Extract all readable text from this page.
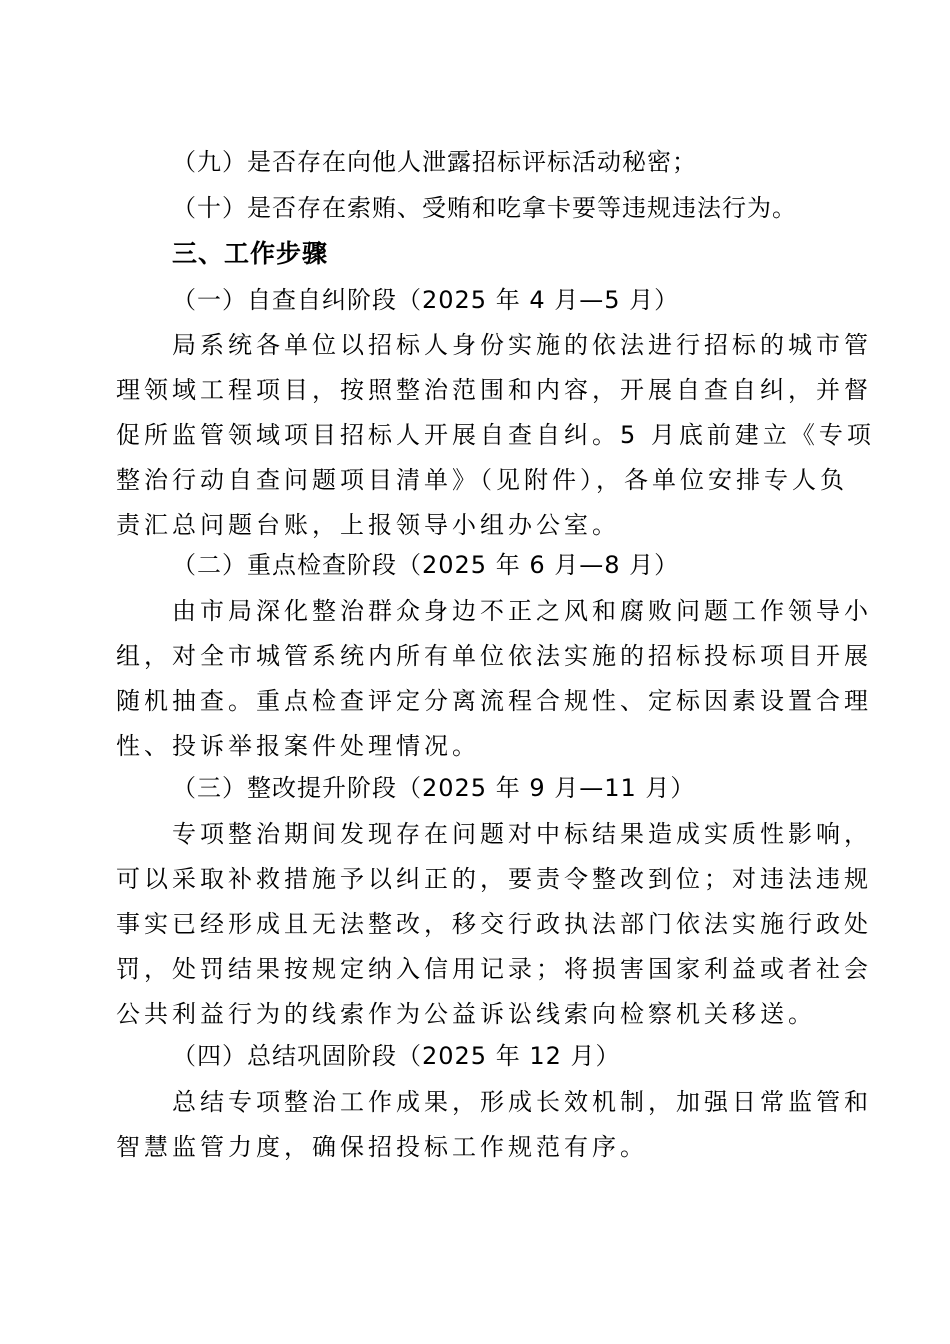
（九）是否存在向他人泄露招标评标活动秘密；
（十）是否存在索贿、受贿和吃拿卡要等违规违法行为。
三、工作步骤
（一）自查自纠阶段（2025 年 4 月—5 月）
局系统各单位以招标人身份实施的依法进行招标的城市管
理领域工程项目，按照整治范围和内容，开展自查自纠，并督
促所监管领域项目招标人开展自查自纠。5 月底前建立《专项
整治行动自查问题项目清单》（见附件），各单位安排专人负
责汇总问题台账，上报领导小组办公室。
（二）重点检查阶段（2025 年 6 月—8 月）
由市局深化整治群众身边不正之风和腐败问题工作领导小
组，对全市城管系统内所有单位依法实施的招标投标项目开展
随机抽查。重点检查评定分离流程合规性、定标因素设置合理
性、投诉举报案件处理情况。
（三）整改提升阶段（2025 年 9 月—11 月）
专项整治期间发现存在问题对中标结果造成实质性影响，
可以采取补救措施予以纠正的，要责令整改到位；对违法违规
事实已经形成且无法整改，移交行政执法部门依法实施行政处
罚，处罚结果按规定纳入信用记录；将损害国家利益或者社会
公共利益行为的线索作为公益诉讼线索向检察机关移送。
（四）总结巩固阶段（2025 年 12 月）
总结专项整治工作成果，形成长效机制，加强日常监管和
智慧监管力度，确保招投标工作规范有序。
